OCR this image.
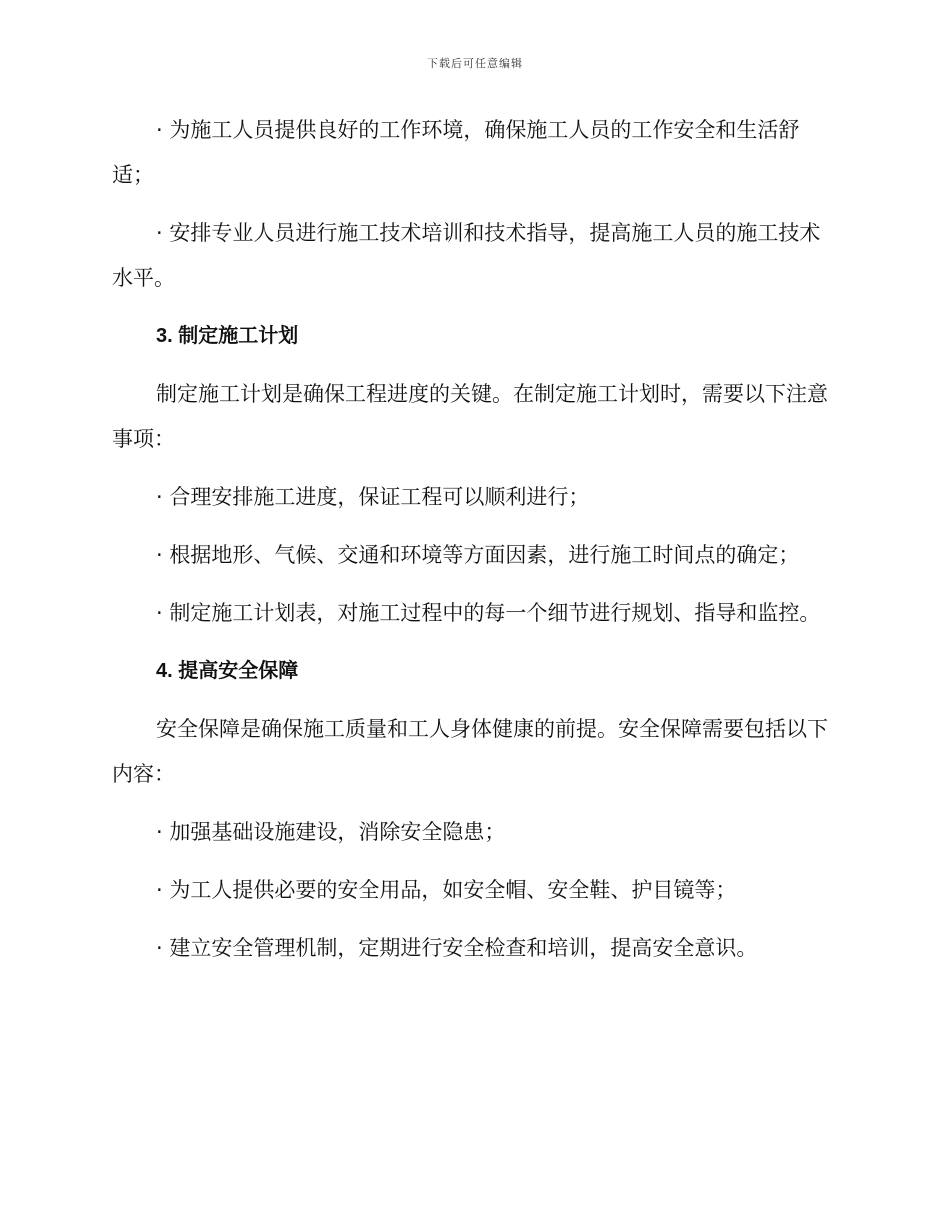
下载后可任意编辑

· 为施工人员提供良好的工作环境，确保施工人员的工作安全和生活舒适；

· 安排专业人员进行施工技术培训和技术指导，提高施工人员的施工技术水平。

3. 制定施工计划

制定施工计划是确保工程进度的关键。在制定施工计划时，需要以下注意事项：

· 合理安排施工进度，保证工程可以顺利进行；

· 根据地形、气候、交通和环境等方面因素，进行施工时间点的确定；

· 制定施工计划表，对施工过程中的每一个细节进行规划、指导和监控。

4. 提高安全保障

安全保障是确保施工质量和工人身体健康的前提。安全保障需要包括以下内容：

· 加强基础设施建设，消除安全隐患；

· 为工人提供必要的安全用品，如安全帽、安全鞋、护目镜等；

· 建立安全管理机制，定期进行安全检查和培训，提高安全意识。
